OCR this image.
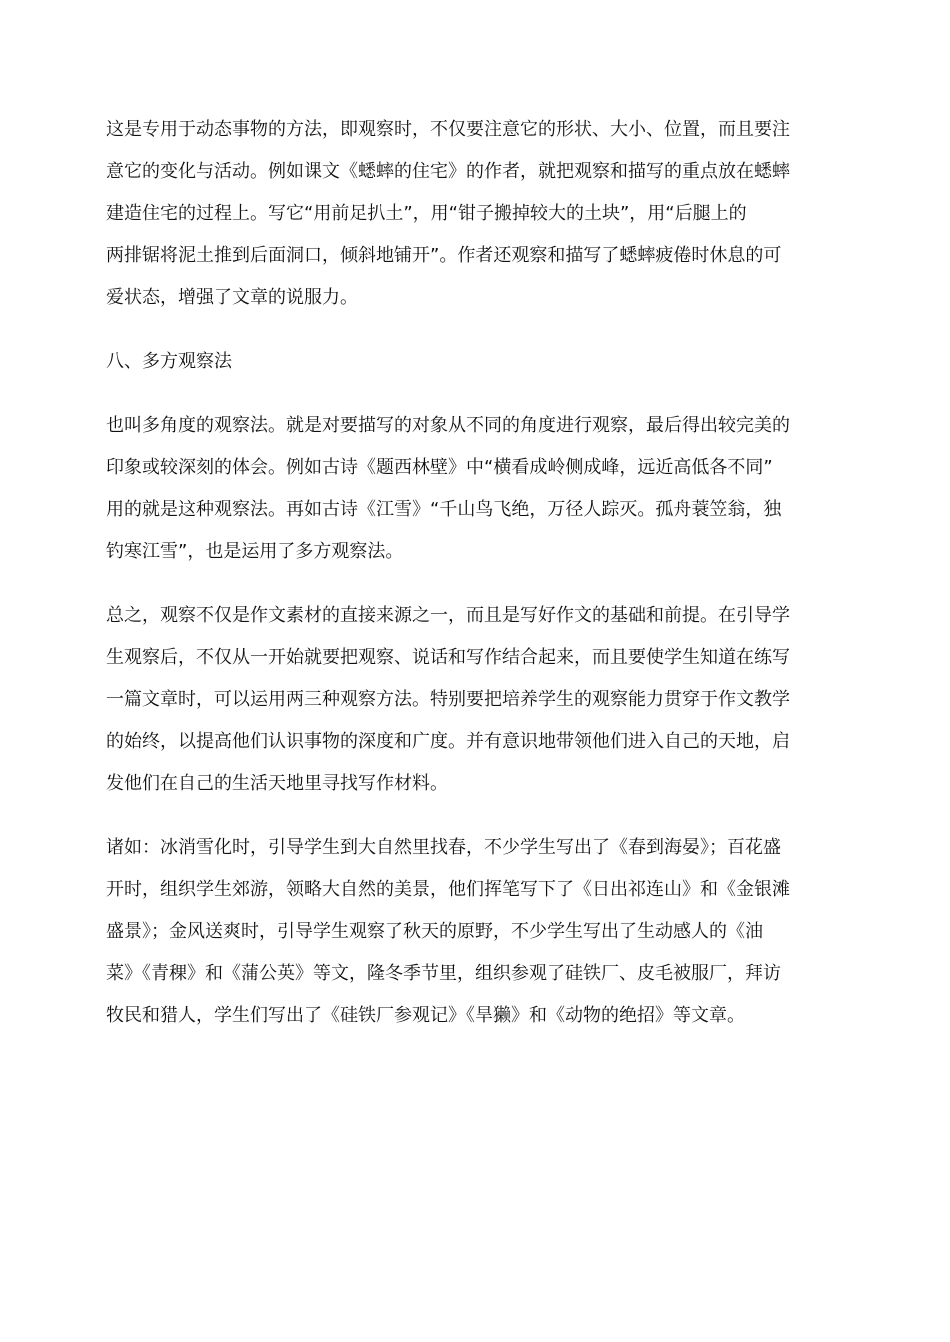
这是专用于动态事物的方法，即观察时，不仅要注意它的形状、大小、位置，而且要注
意它的变化与活动。例如课文《蟋蟀的住宅》的作者，就把观察和描写的重点放在蟋蟀
建造住宅的过程上。写它“用前足扒土”，用“钳子搬掉较大的土块”，用“后腿上的
两排锯将泥土推到后面洞口，倾斜地铺开”。作者还观察和描写了蟋蟀疲倦时休息的可
爱状态，增强了文章的说服力。

八、多方观察法

也叫多角度的观察法。就是对要描写的对象从不同的角度进行观察，最后得出较完美的
印象或较深刻的体会。例如古诗《题西林壁》中“横看成岭侧成峰，远近高低各不同”
用的就是这种观察法。再如古诗《江雪》“千山鸟飞绝，万径人踪灭。孤舟蓑笠翁，独
钓寒江雪”，也是运用了多方观察法。

总之，观察不仅是作文素材的直接来源之一，而且是写好作文的基础和前提。在引导学
生观察后，不仅从一开始就要把观察、说话和写作结合起来，而且要使学生知道在练写
一篇文章时，可以运用两三种观察方法。特别要把培养学生的观察能力贯穿于作文教学
的始终，以提高他们认识事物的深度和广度。并有意识地带领他们进入自己的天地，启
发他们在自己的生活天地里寻找写作材料。

诸如：冰消雪化时，引导学生到大自然里找春，不少学生写出了《春到海晏》；百花盛
开时，组织学生郊游，领略大自然的美景，他们挥笔写下了《日出祁连山》和《金银滩
盛景》；金风送爽时，引导学生观察了秋天的原野，不少学生写出了生动感人的《油
菜》《青稞》和《蒲公英》等文，隆冬季节里，组织参观了硅铁厂、皮毛被服厂，拜访
牧民和猎人，学生们写出了《硅铁厂参观记》《旱獭》和《动物的绝招》等文章。
